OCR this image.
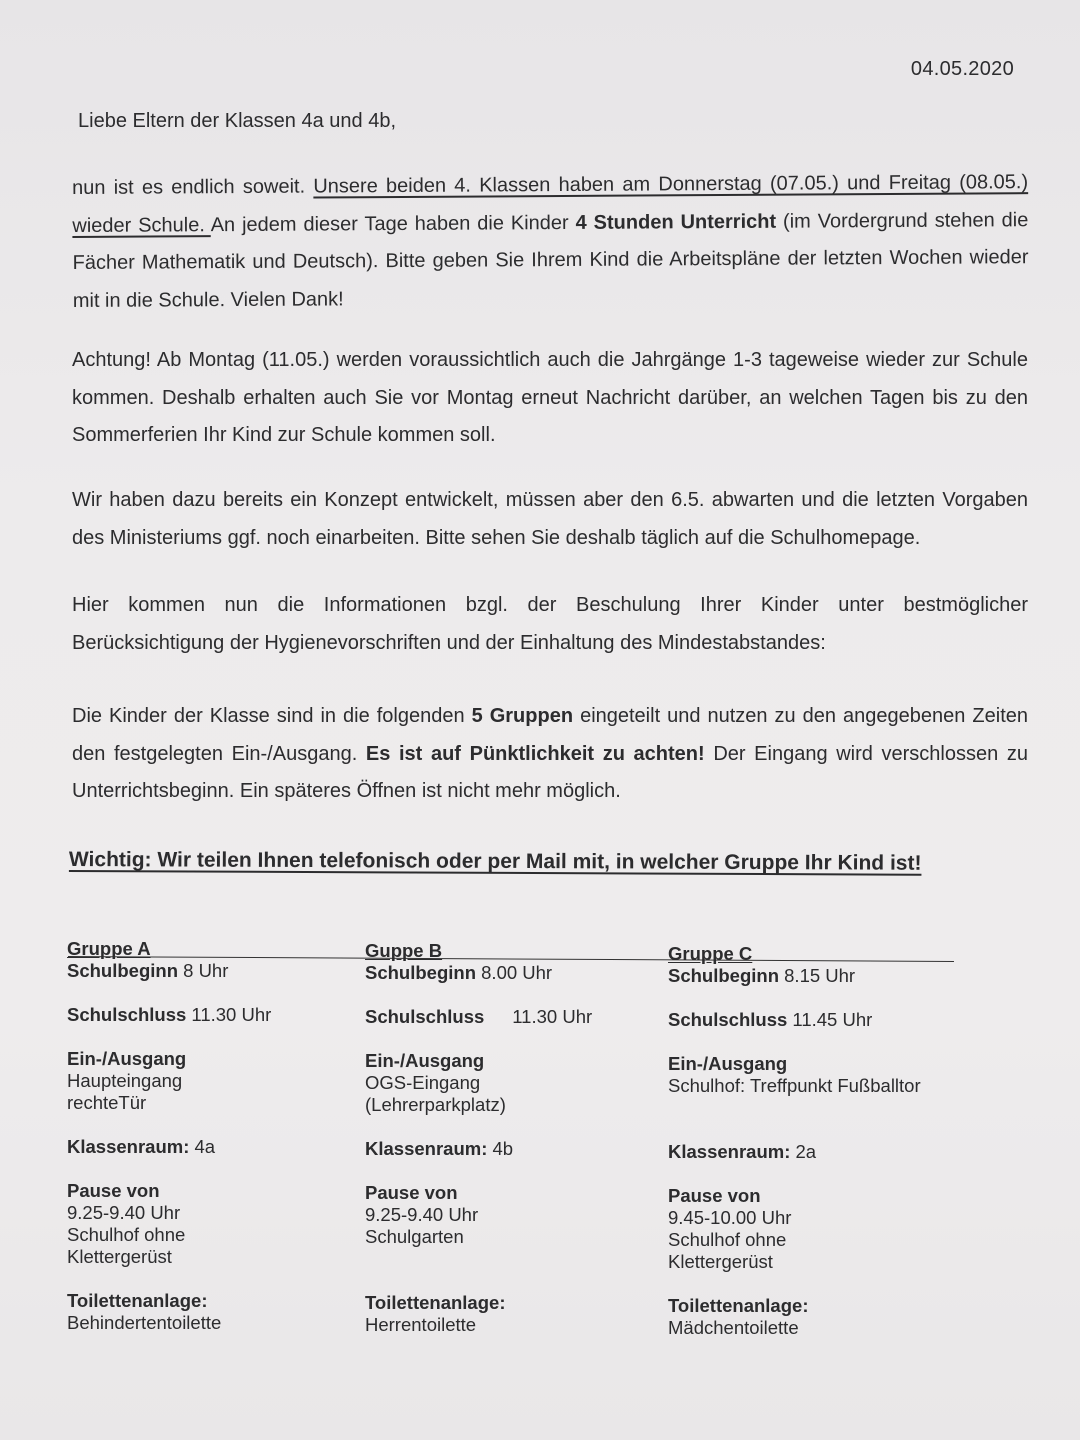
04.05.2020
Liebe Eltern der Klassen 4a und 4b,

nun ist es endlich soweit. Unsere beiden 4. Klassen haben am Donnerstag (07.05.) und Freitag (08.05.) wieder Schule. An jedem dieser Tage haben die Kinder 4 Stunden Unterricht (im Vordergrund stehen die Fächer Mathematik und Deutsch). Bitte geben Sie Ihrem Kind die Arbeitspläne der letzten Wochen wieder mit in die Schule. Vielen Dank!

Achtung! Ab Montag (11.05.) werden voraussichtlich auch die Jahrgänge 1-3 tageweise wieder zur Schule kommen. Deshalb erhalten auch Sie vor Montag erneut Nachricht darüber, an welchen Tagen bis zu den Sommerferien Ihr Kind zur Schule kommen soll.

Wir haben dazu bereits ein Konzept entwickelt, müssen aber den 6.5. abwarten und die letzten Vorgaben des Ministeriums ggf. noch einarbeiten. Bitte sehen Sie deshalb täglich auf die Schulhomepage.

Hier kommen nun die Informationen bzgl. der Beschulung Ihrer Kinder unter bestmöglicher Berücksichtigung der Hygienevorschriften und der Einhaltung des Mindestabstandes:

Die Kinder der Klasse sind in die folgenden 5 Gruppen eingeteilt und nutzen zu den angegebenen Zeiten den festgelegten Ein-/Ausgang. Es ist auf Pünktlichkeit zu achten! Der Eingang wird verschlossen zu Unterrichtsbeginn. Ein späteres Öffnen ist nicht mehr möglich.

Wichtig: Wir teilen Ihnen telefonisch oder per Mail mit, in welcher Gruppe Ihr Kind ist!
Gruppe A
Schulbeginn 8 Uhr
Schulschluss 11.30 Uhr
Ein-/Ausgang
Haupteingang
rechteTür
Klassenraum: 4a
Pause von
9.25-9.40 Uhr
Schulhof ohne
Klettergerüst
Toilettenanlage:
Behindertentoilette
Guppe B
Schulbeginn 8.00 Uhr
Schulschluss 11.30 Uhr
Ein-/Ausgang
OGS-Eingang
(Lehrerparkplatz)
Klassenraum: 4b
Pause von
9.25-9.40 Uhr
Schulgarten
Toilettenanlage:
Herrentoilette
Gruppe C
Schulbeginn 8.15 Uhr
Schulschluss 11.45 Uhr
Ein-/Ausgang
Schulhof: Treffpunkt Fußballtor
Klassenraum: 2a
Pause von
9.45-10.00 Uhr
Schulhof ohne
Klettergerüst
Toilettenanlage:
Mädchentoilette
